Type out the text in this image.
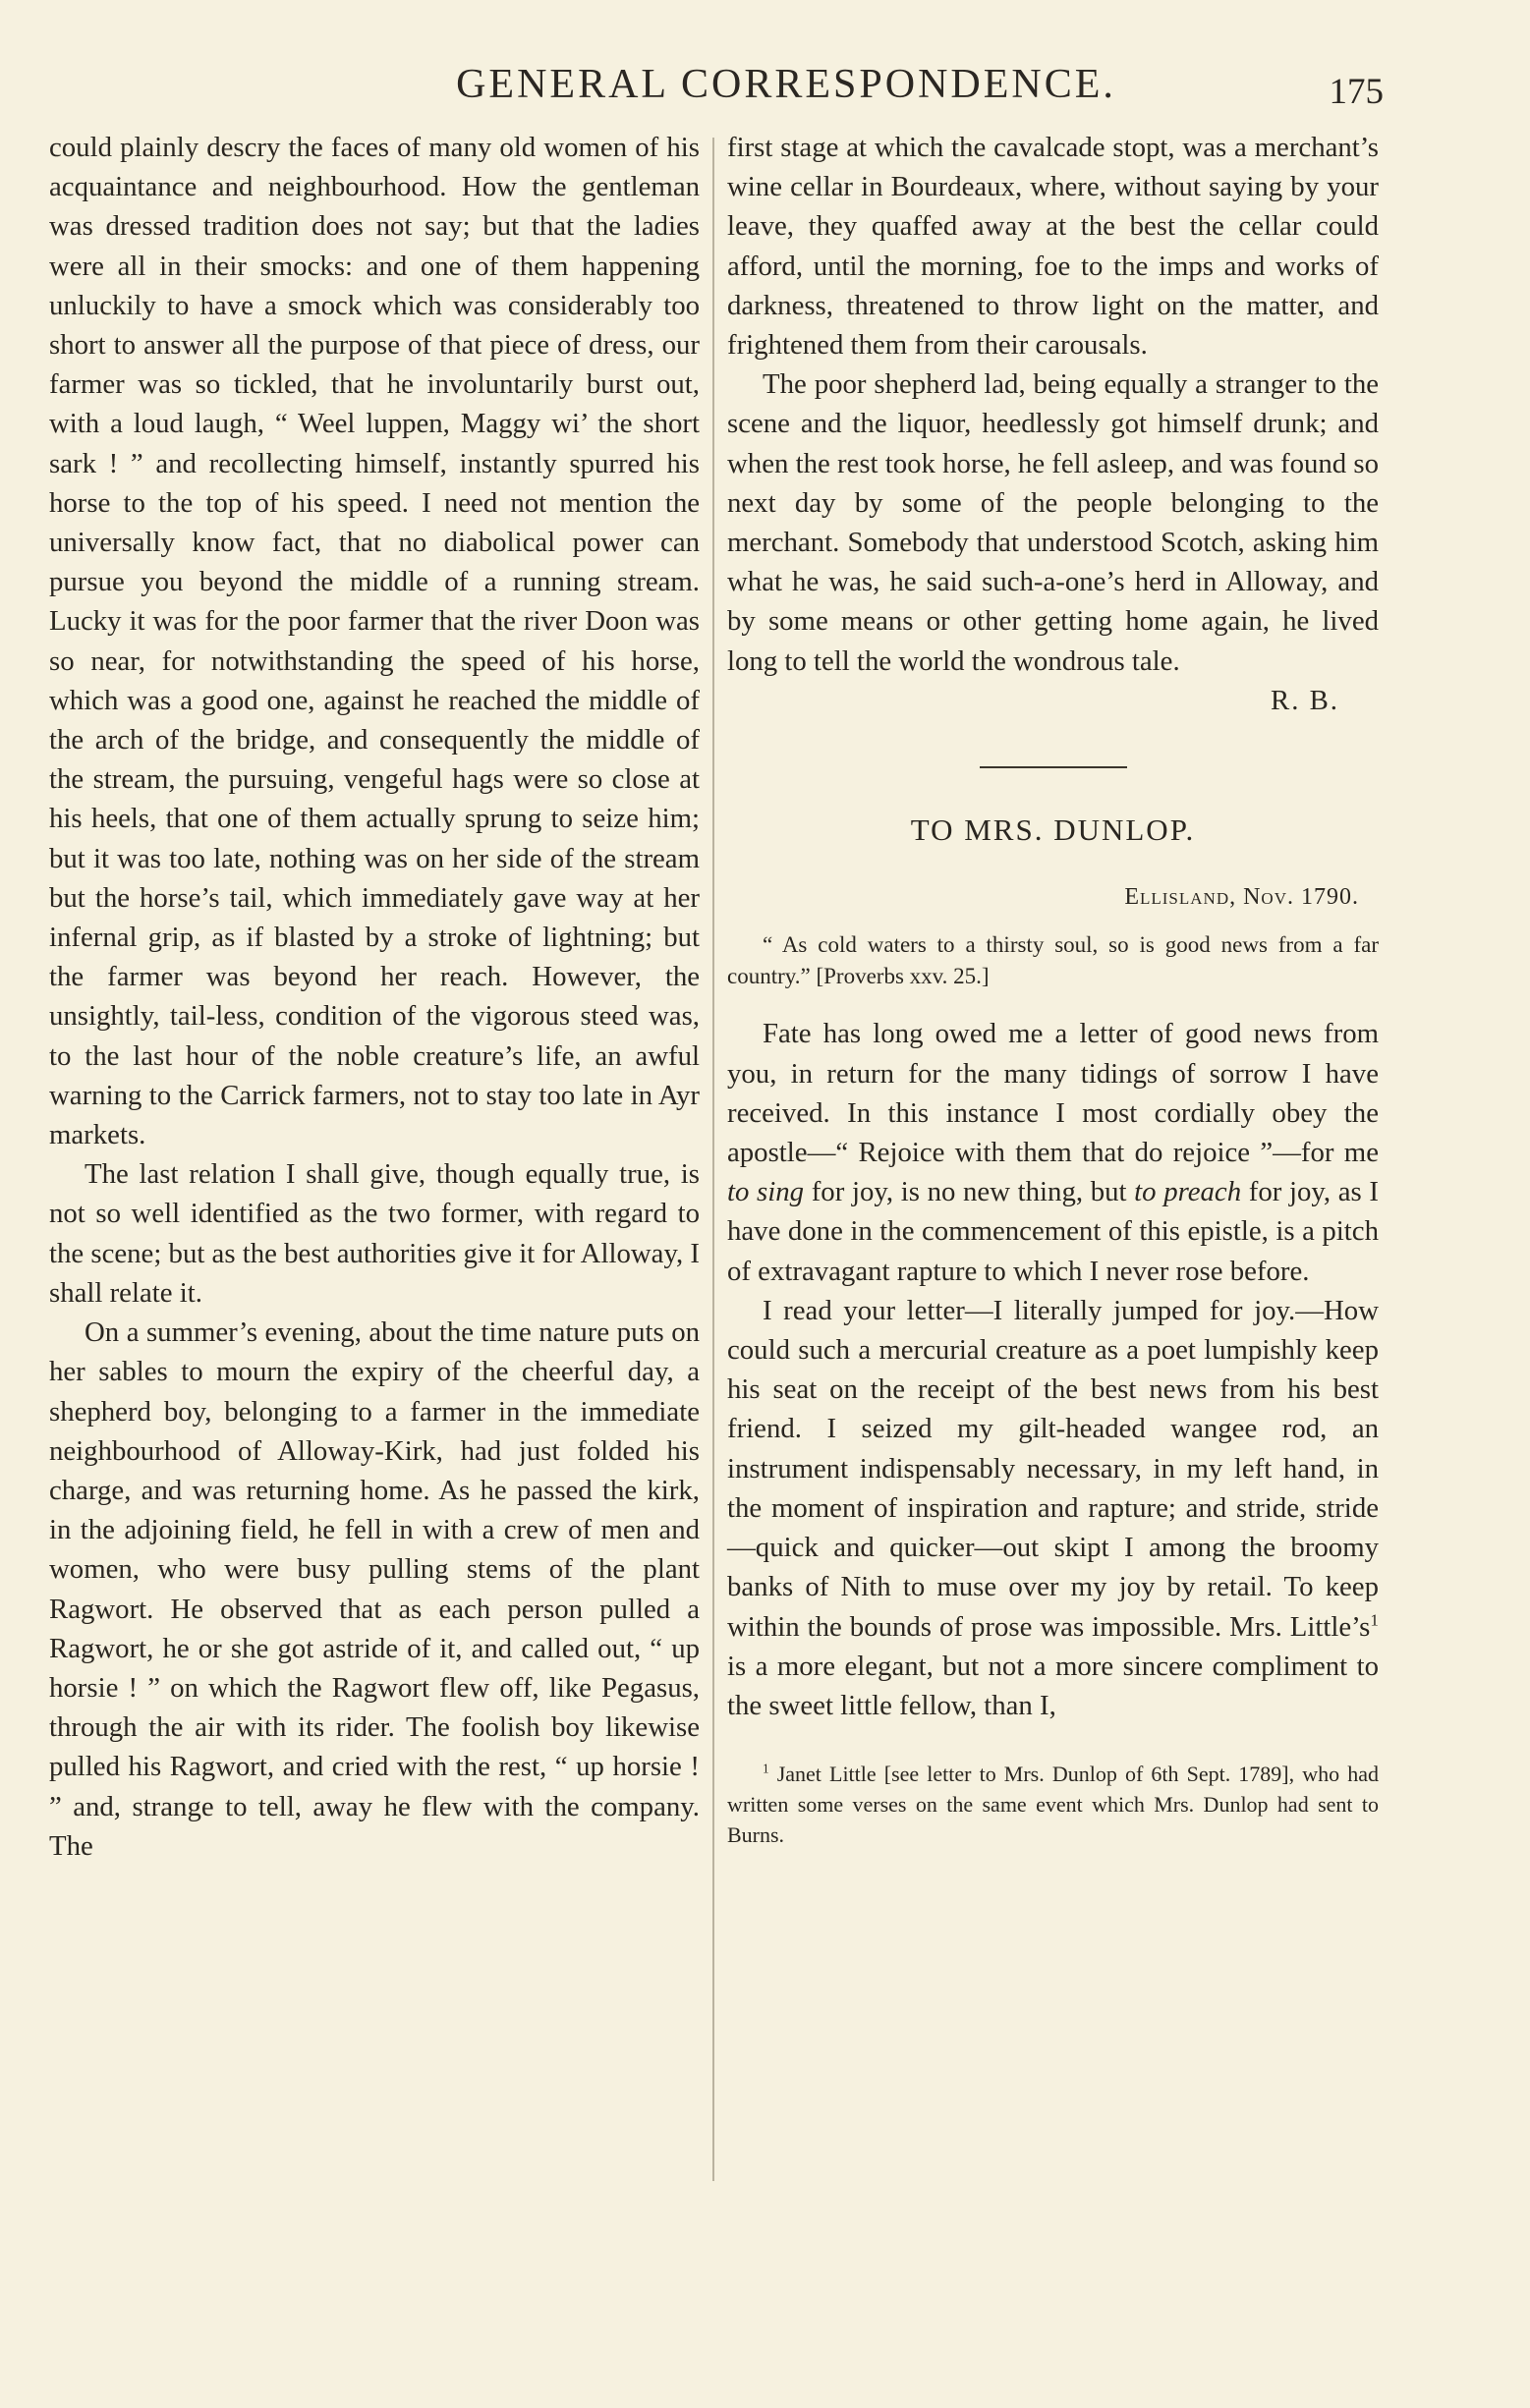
GENERAL CORRESPONDENCE.	175

could plainly descry the faces of many old women of his acquaintance and neighbourhood. How the gentleman was dressed tradition does not say; but that the ladies were all in their smocks: and one of them happening unluckily to have a smock which was considerably too short to answer all the purpose of that piece of dress, our farmer was so tickled, that he involuntarily burst out, with a loud laugh, “ Weel luppen, Maggy wi’ the short sark ! ” and recollecting himself, instantly spurred his horse to the top of his speed. I need not mention the universally know fact, that no diabolical power can pursue you beyond the middle of a running stream. Lucky it was for the poor farmer that the river Doon was so near, for notwithstanding the speed of his horse, which was a good one, against he reached the middle of the arch of the bridge, and consequently the middle of the stream, the pursuing, vengeful hags were so close at his heels, that one of them actually sprung to seize him; but it was too late, nothing was on her side of the stream but the horse’s tail, which immediately gave way at her infernal grip, as if blasted by a stroke of lightning; but the farmer was beyond her reach. However, the unsightly, tail-less, condition of the vigorous steed was, to the last hour of the noble creature’s life, an awful warning to the Carrick farmers, not to stay too late in Ayr markets.

The last relation I shall give, though equally true, is not so well identified as the two former, with regard to the scene; but as the best authorities give it for Alloway, I shall relate it.

On a summer’s evening, about the time nature puts on her sables to mourn the expiry of the cheerful day, a shepherd boy, belonging to a farmer in the immediate neighbourhood of Alloway-Kirk, had just folded his charge, and was returning home. As he passed the kirk, in the adjoining field, he fell in with a crew of men and women, who were busy pulling stems of the plant Ragwort. He observed that as each person pulled a Ragwort, he or she got astride of it, and called out, “ up horsie ! ” on which the Ragwort flew off, like Pegasus, through the air with its rider. The foolish boy likewise pulled his Ragwort, and cried with the rest, “ up horsie ! ” and, strange to tell, away he flew with the company. The

first stage at which the cavalcade stopt, was a merchant’s wine cellar in Bourdeaux, where, without saying by your leave, they quaffed away at the best the cellar could afford, until the morning, foe to the imps and works of darkness, threatened to throw light on the matter, and frightened them from their carousals.

The poor shepherd lad, being equally a stranger to the scene and the liquor, heedlessly got himself drunk; and when the rest took horse, he fell asleep, and was found so next day by some of the people belonging to the merchant. Somebody that understood Scotch, asking him what he was, he said such-a-one’s herd in Alloway, and by some means or other getting home again, he lived long to tell the world the wondrous tale.

R. B.

TO MRS. DUNLOP.
Ellisland, Nov. 1790.

“ As cold waters to a thirsty soul, so is good news from a far country.” [Proverbs xxv. 25.]

Fate has long owed me a letter of good news from you, in return for the many tidings of sorrow I have received. In this instance I most cordially obey the apostle—“ Rejoice with them that do rejoice ”—for me to sing for joy, is no new thing, but to preach for joy, as I have done in the commencement of this epistle, is a pitch of extravagant rapture to which I never rose before.

I read your letter—I literally jumped for joy.—How could such a mercurial creature as a poet lumpishly keep his seat on the receipt of the best news from his best friend. I seized my gilt-headed wangee rod, an instrument indispensably necessary, in my left hand, in the moment of inspiration and rapture; and stride, stride—quick and quicker—out skipt I among the broomy banks of Nith to muse over my joy by retail. To keep within the bounds of prose was impossible. Mrs. $Little’s^1$ is a more elegant, but not a more sincere compliment to the sweet little fellow, than I,

$^1$ Janet Little [see letter to Mrs. Dunlop of 6th Sept. 1789], who had written some verses on the same event which Mrs. Dunlop had sent to Burns.
